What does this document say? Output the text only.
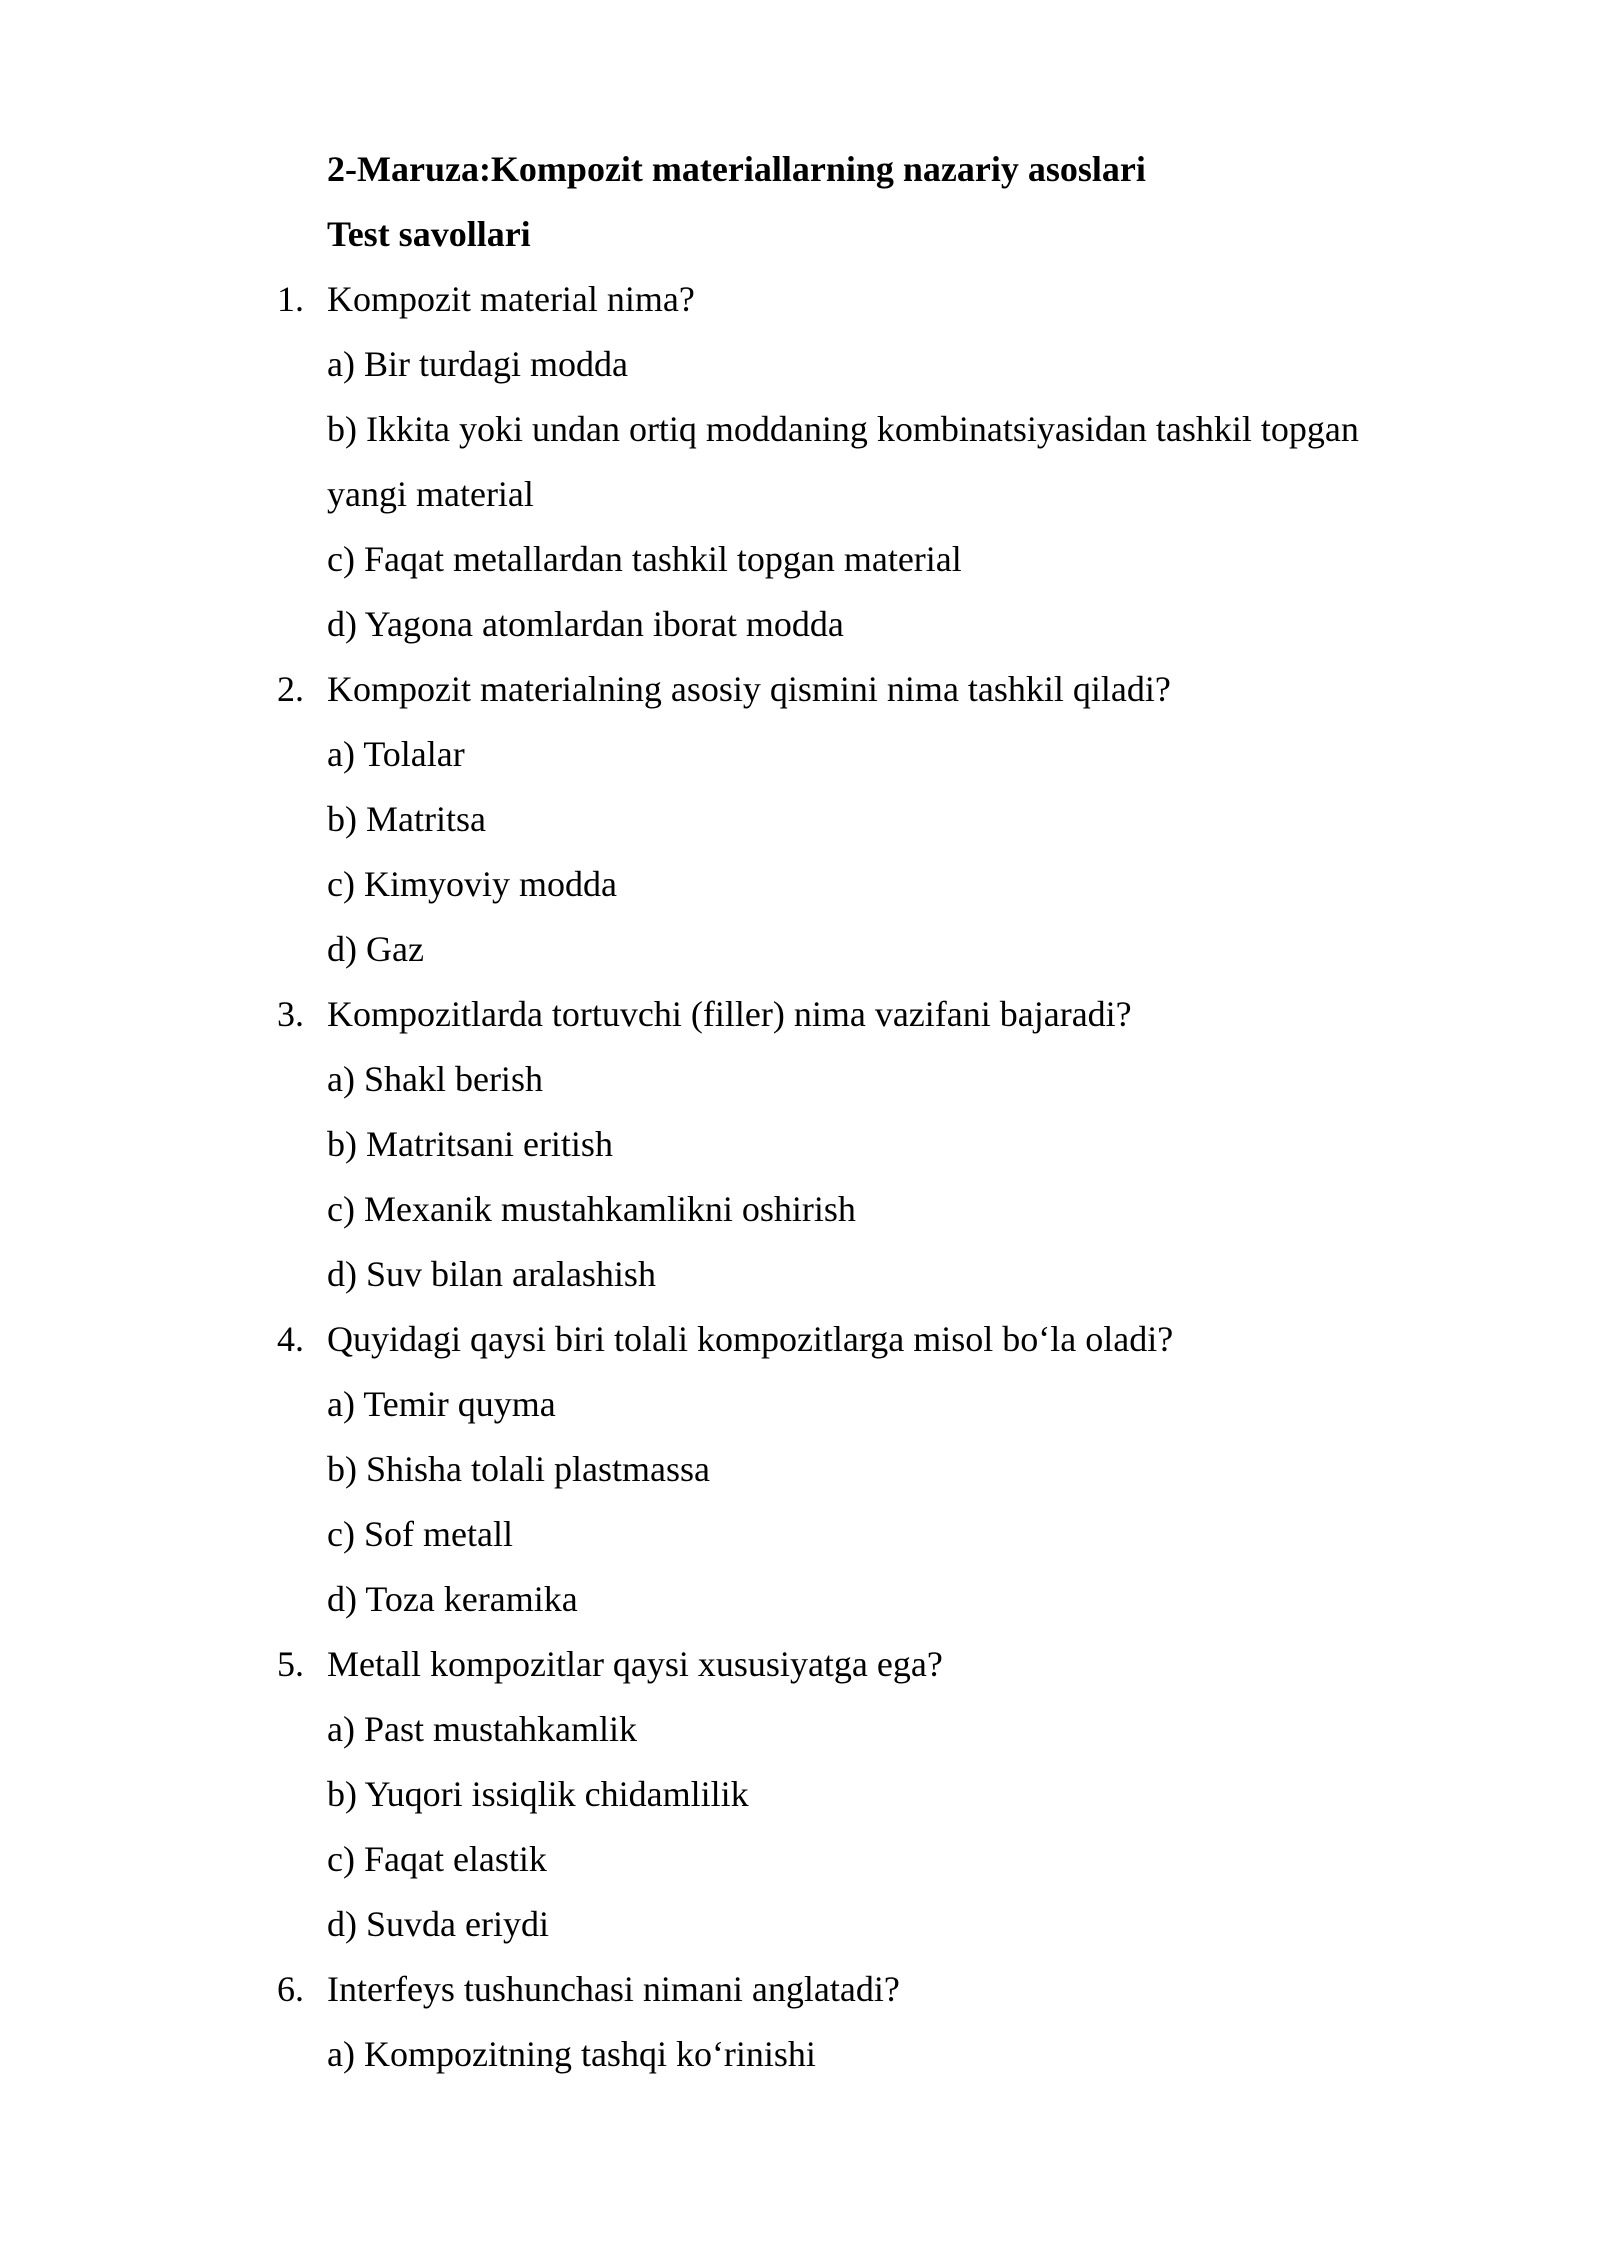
2-Maruza:Kompozit materiallarning nazariy asoslari
Test savollari
1. Kompozit material nima?
a) Bir turdagi modda
b) Ikkita yoki undan ortiq moddaning kombinatsiyasidan tashkil topgan
yangi material
c) Faqat metallardan tashkil topgan material
d) Yagona atomlardan iborat modda
2. Kompozit materialning asosiy qismini nima tashkil qiladi?
a) Tolalar
b) Matritsa
c) Kimyoviy modda
d) Gaz
3. Kompozitlarda tortuvchi (filler) nima vazifani bajaradi?
a) Shakl berish
b) Matritsani eritish
c) Mexanik mustahkamlikni oshirish
d) Suv bilan aralashish
4. Quyidagi qaysi biri tolali kompozitlarga misol bo‘la oladi?
a) Temir quyma
b) Shisha tolali plastmassa
c) Sof metall
d) Toza keramika
5. Metall kompozitlar qaysi xususiyatga ega?
a) Past mustahkamlik
b) Yuqori issiqlik chidamlilik
c) Faqat elastik
d) Suvda eriydi
6. Interfeys tushunchasi nimani anglatadi?
a) Kompozitning tashqi ko‘rinishi
